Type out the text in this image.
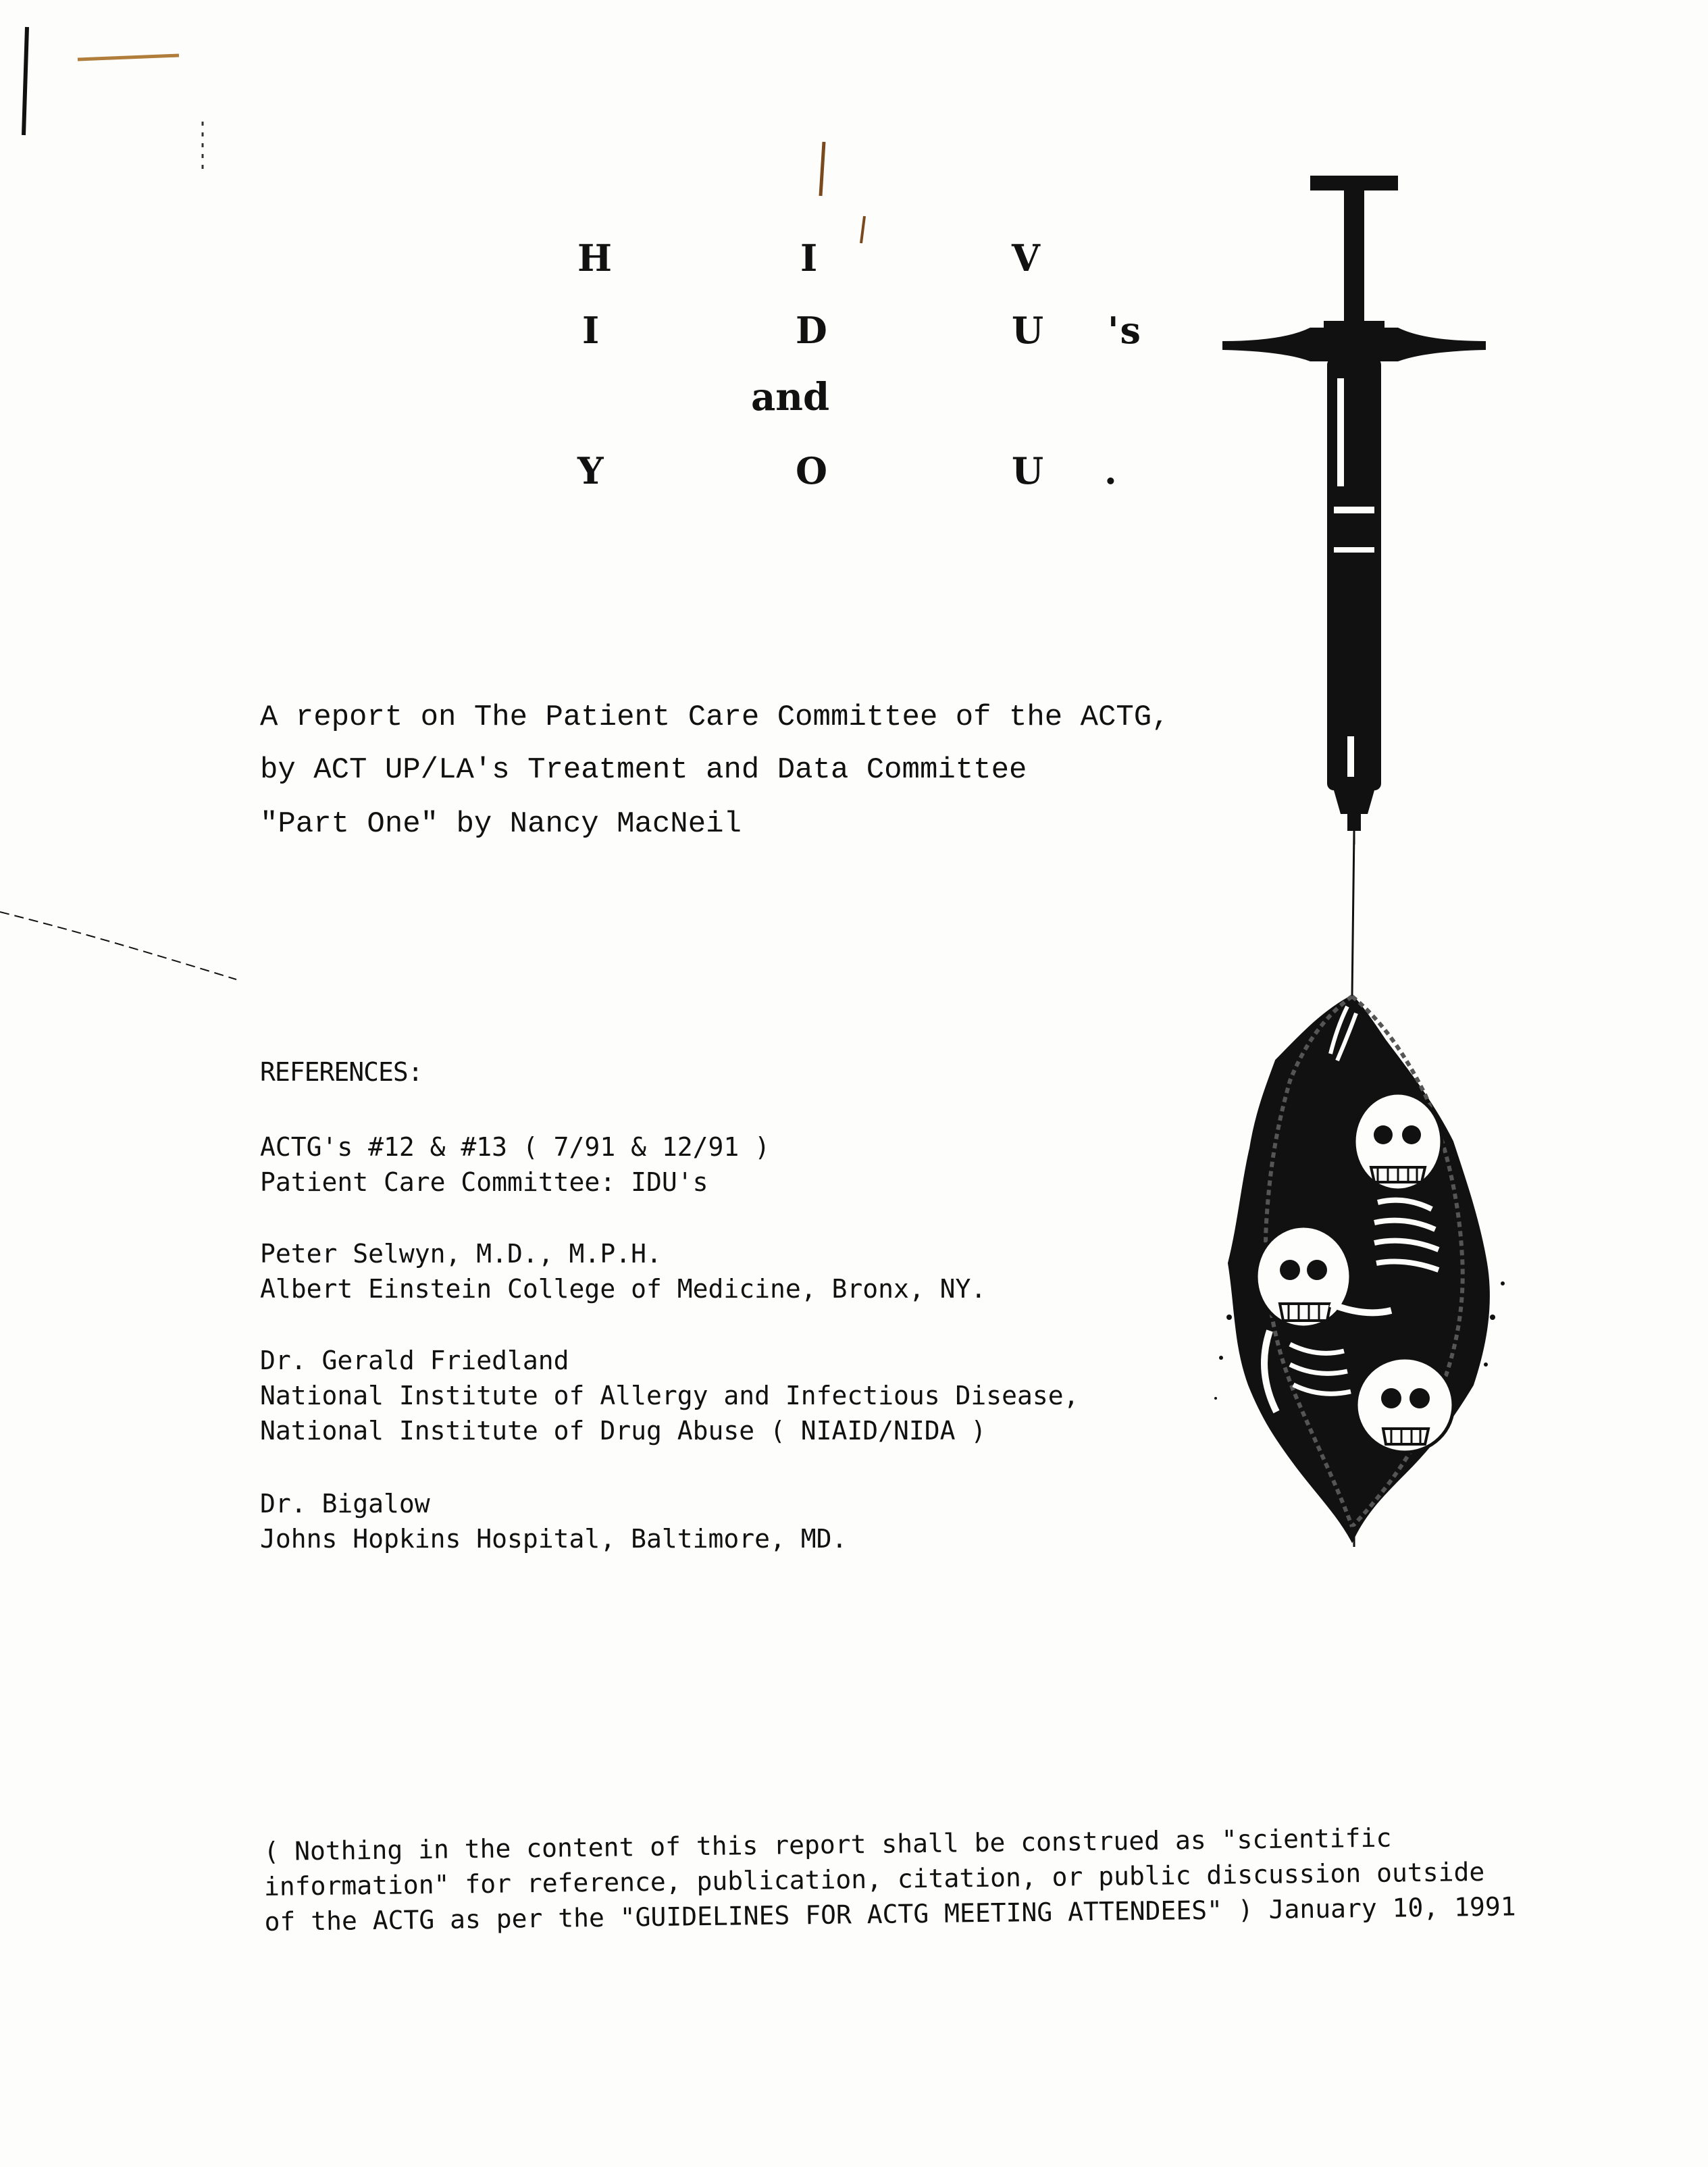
H	I	V
I	D	U 's
and
Y	O	U .
A report on The Patient Care Committee of the ACTG,
by ACT UP/LA's Treatment and Data Committee
"Part One" by Nancy MacNeil
REFERENCES:
ACTG's #12 & #13 ( 7/91 & 12/91 )
Patient Care Committee: IDU's
Peter Selwyn, M.D., M.P.H.
Albert Einstein College of Medicine, Bronx, NY.
Dr. Gerald Friedland
National Institute of Allergy and Infectious Disease,
National Institute of Drug Abuse ( NIAID/NIDA )
Dr. Bigalow
Johns Hopkins Hospital, Baltimore, MD.
( Nothing in the content of this report shall be construed as "scientific
information" for reference, publication, citation, or public discussion outside
of the ACTG as per the "GUIDELINES FOR ACTG MEETING ATTENDEES" ) January 10, 1991
